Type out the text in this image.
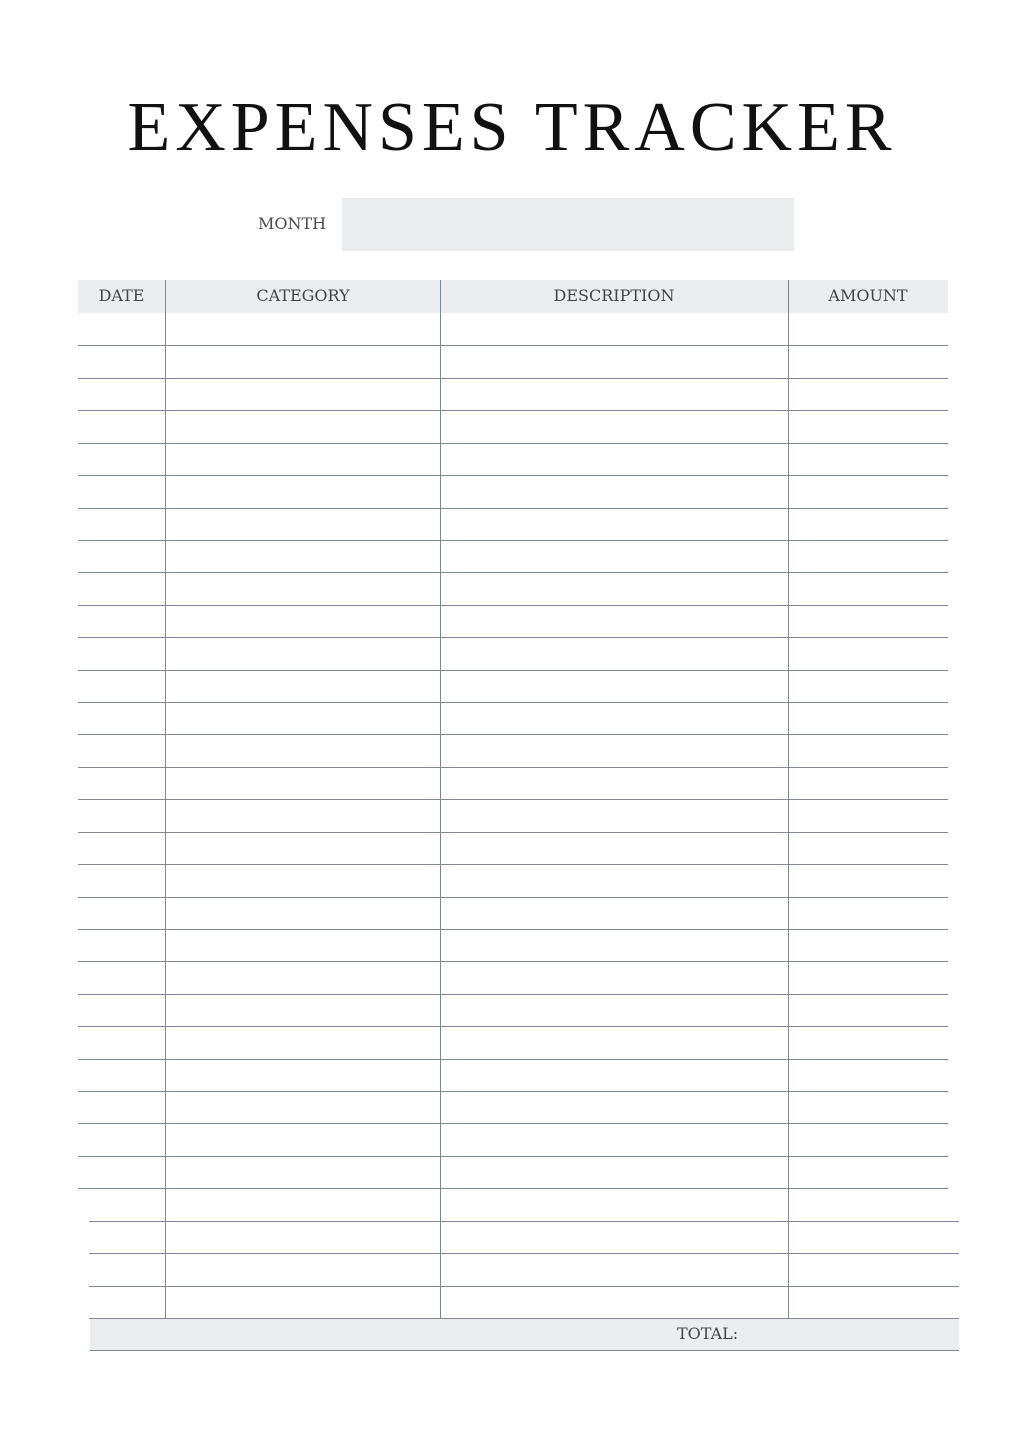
EXPENSES TRACKER
MONTH
DATE	CATEGORY	DESCRIPTION	AMOUNT
TOTAL:
